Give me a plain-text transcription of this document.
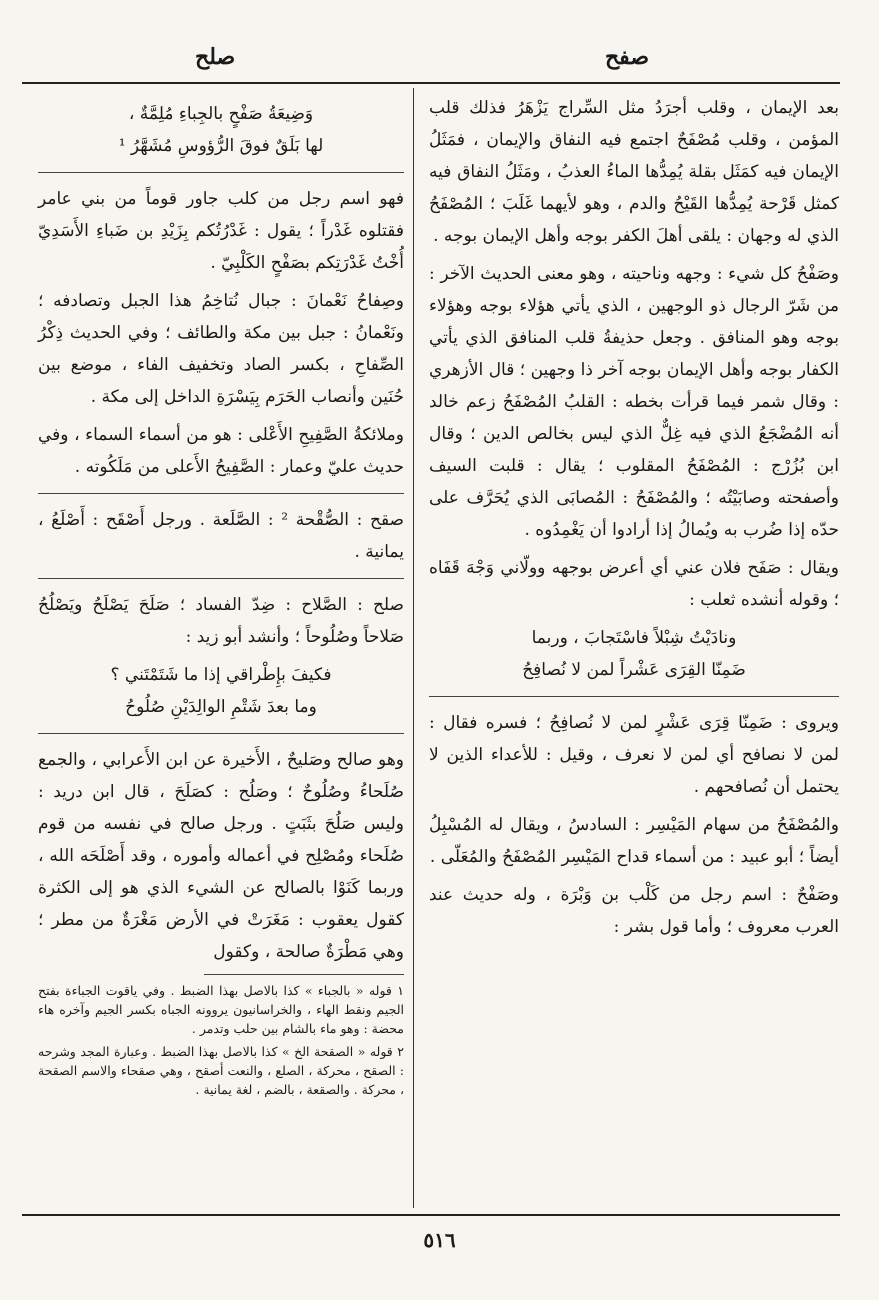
صفح
صلح

بعد الإيمان ، وقلب أجرَدُ مثل السِّراج يَزْهَرُ فذلك قلب المؤمن ، وقلب مُصْفَحٌ اجتمع فيه النفاق والإيمان ، فمَثَلُ الإيمان فيه كمَثَل بقلة يُمِدُّها الماءُ العذبُ ، ومَثَلُ النفاق فيه كمثل قَرْحة يُمِدُّها القَيْحُ والدم ، وهو لأيهما غَلَبَ ؛ المُصْفَحُ الذي له وجهان : يلقى أهلَ الكفر بوجه وأهل الإيمان بوجه .

وصَفْحُ كل شيء : وجهه وناحيته ، وهو معنى الحديث الآخر : من شَرّ الرجال ذو الوجهين ، الذي يأتي هؤلاء بوجه وهؤلاء بوجه وهو المنافق . وجعل حذيفةُ قلب المنافق الذي يأتي الكفار بوجه وأهل الإيمان بوجه آخر ذا وجهين ؛ قال الأزهري : وقال شمر فيما قرأت بخطه : القلبُ المُصْفَحُ زعم خالد أنه المُضْجَعُ الذي فيه غِلٌّ الذي ليس بخالص الدين ؛ وقال ابن بُزُرْج : المُصْفَحُ المقلوب ؛ يقال : قلبت السيف وأصفحته وصابَيْتُه ؛ والمُصْفَحُ : المُصابَى الذي يُحَرَّف على حدّه إذا ضُرب به ويُمالُ إذا أرادوا أن يَغْمِدُوه .

ويقال : صَفَح فلان عني أي أعرض بوجهه وولّاني وَجْهَ قَفَاه ؛ وقوله أنشده ثعلب :

ونادَيْتُ شِبْلاً فاسْتَجابَ ، وربما
ضَمِنّا القِرَى عَشْراً لمن لا نُصافِحُ

ويروى : ضَمِنّا قِرَى عَشْرٍ لمن لا نُصافِحُ ؛ فسره فقال : لمن لا نصافح أي لمن لا نعرف ، وقيل : للأعداء الذين لا يحتمل أن نُصافحهم .

والمُصْفَحُ من سهام المَيْسِر : السادسُ ، ويقال له المُسْبِلُ أيضاً ؛ أبو عبيد : من أسماء قداح المَيْسِر المُصْفَحُ والمُعَلّى .

وصَفْحٌ : اسم رجل من كَلْب بن وَبْرَة ، وله حديث عند العرب معروف ؛ وأما قول بشر :

وَضِيعَةُ صَفْحٍ بالجِباءِ مُلِمَّةٌ ،
لها بَلَقٌ فوقَ الرُّؤوسِ مُشَهَّرُ ¹

فهو اسم رجل من كلب جاور قوماً من بني عامر فقتلوه غَدْراً ؛ يقول : غَدْرُتُكم بِزَيْدِ بن ضَباءِ الأَسَدِيّ أُخْتُ غَدْرَتِكم بصَفْحٍ الكَلْبِيّ .

وصِفاحُ نَعْمانَ : جبال نُتاخِمُ هذا الجبل وتصادفه ؛ ونَعْمانُ : جبل بين مكة والطائف ؛ وفي الحديث ذِكْرُ الصِّفاحِ ، بكسر الصاد وتخفيف الفاء ، موضع بين حُنَين وأنصاب الحَرَم بِيَسْرَةِ الداخل إلى مكة .

وملائكةُ الصَّفِيحِ الأَعْلى : هو من أسماء السماء ، وفي حديث عليّ وعمار : الصَّفِيحُ الأَعلى من مَلَكُوته .

صقح : الصُّقْحة ² : الصَّلَعة . ورجل أَصْقَح : أَصْلَعُ ، يمانية .

صلح : الصَّلاح : ضِدّ الفساد ؛ صَلَحَ يَصْلَحُ ويَصْلُحُ صَلاحاً وصُلُوحاً ؛ وأنشد أبو زيد :

فكيفَ بإِطْراقي إذا ما شَتَمْتَني ؟
وما بعدَ شَتْمِ الوالِدَيْنِ صُلُوحُ

وهو صالح وصَليحٌ ، الأَخيرة عن ابن الأَعرابي ، والجمع صُلَحاءُ وصُلُوحٌ ؛ وصَلُح : كصَلَحَ ، قال ابن دريد : وليس صَلُحَ بثَبَتٍ . ورجل صالح في نفسه من قوم صُلَحاء ومُصْلِح في أعماله وأموره ، وقد أَصْلَحَه الله ، وربما كَنَوْا بالصالح عن الشيء الذي هو إلى الكثرة كقول يعقوب : مَغَرَتْ في الأرض مَغْرَةٌ من مطر ؛ وهي مَطْرَةٌ صالحة ، وكقول

١ قوله « بالجباء » كذا بالاصل بهذا الضبط . وفي ياقوت الجباءة بفتح الجيم ونقط الهاء ، والخراسانيون يروونه الجباه بكسر الجيم وآخره هاء محضة : وهو ماء بالشام بين حلب وتدمر .

٢ قوله « الصقحة الخ » كذا بالاصل بهذا الضبط . وعبارة المجد وشرحه : الصقح ، محركة ، الصلع ، والنعت أصقح ، وهي صقحاء والاسم الصقحة ، محركة . والصقعة ، بالضم ، لغة يمانية .

٥١٦
